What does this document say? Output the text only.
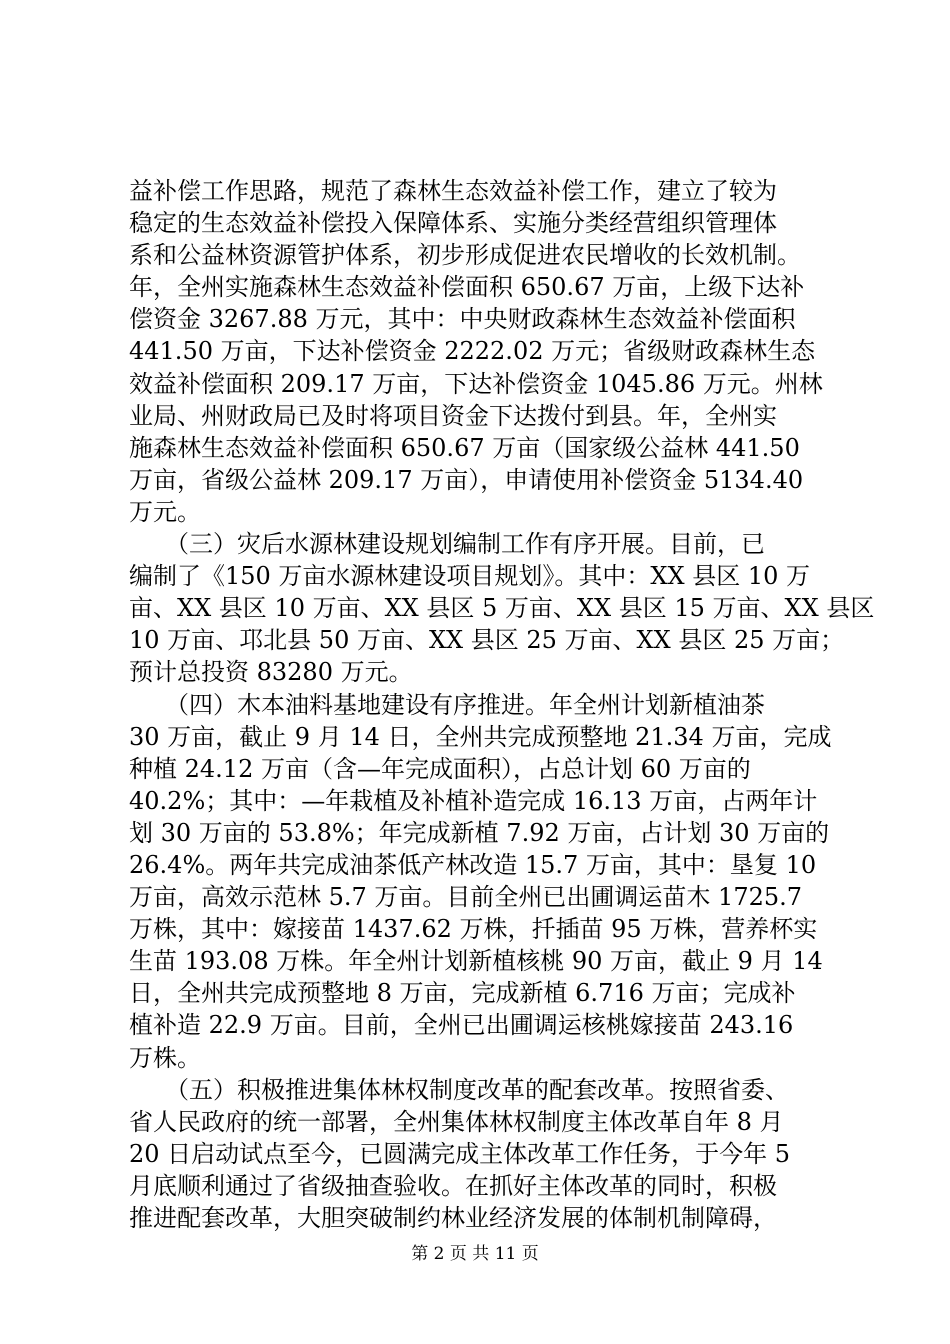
益补偿工作思路，规范了森林生态效益补偿工作，建立了较为
稳定的生态效益补偿投入保障体系、实施分类经营组织管理体
系和公益林资源管护体系，初步形成促进农民增收的长效机制。
年，全州实施森林生态效益补偿面积 650.67 万亩，上级下达补
偿资金 3267.88 万元，其中：中央财政森林生态效益补偿面积
441.50 万亩，下达补偿资金 2222.02 万元；省级财政森林生态
效益补偿面积 209.17 万亩，下达补偿资金 1045.86 万元。州林
业局、州财政局已及时将项目资金下达拨付到县。年，全州实
施森林生态效益补偿面积 650.67 万亩（国家级公益林 441.50
万亩，省级公益林 209.17 万亩），申请使用补偿资金 5134.40
万元。
　　（三）灾后水源林建设规划编制工作有序开展。目前，已
编制了《150 万亩水源林建设项目规划》。其中：XX 县区 10 万
亩、XX 县区 10 万亩、XX 县区 5 万亩、XX 县区 15 万亩、XX 县区
10 万亩、邛北县 50 万亩、XX 县区 25 万亩、XX 县区 25 万亩；
预计总投资 83280 万元。
　　（四）木本油料基地建设有序推进。年全州计划新植油茶
30 万亩，截止 9 月 14 日，全州共完成预整地 21.34 万亩，完成
种植 24.12 万亩（含—年完成面积），占总计划 60 万亩的
40.2%；其中：—年栽植及补植补造完成 16.13 万亩，占两年计
划 30 万亩的 53.8%；年完成新植 7.92 万亩，占计划 30 万亩的
26.4%。两年共完成油茶低产林改造 15.7 万亩，其中：垦复 10
万亩，高效示范林 5.7 万亩。目前全州已出圃调运苗木 1725.7
万株，其中：嫁接苗 1437.62 万株，扦插苗 95 万株，营养杯实
生苗 193.08 万株。年全州计划新植核桃 90 万亩，截止 9 月 14
日，全州共完成预整地 8 万亩，完成新植 6.716 万亩；完成补
植补造 22.9 万亩。目前，全州已出圃调运核桃嫁接苗 243.16
万株。
　　（五）积极推进集体林权制度改革的配套改革。按照省委、
省人民政府的统一部署，全州集体林权制度主体改革自年 8 月
20 日启动试点至今，已圆满完成主体改革工作任务，于今年 5
月底顺利通过了省级抽查验收。在抓好主体改革的同时，积极
推进配套改革，大胆突破制约林业经济发展的体制机制障碍，
第 2 页 共 11 页
